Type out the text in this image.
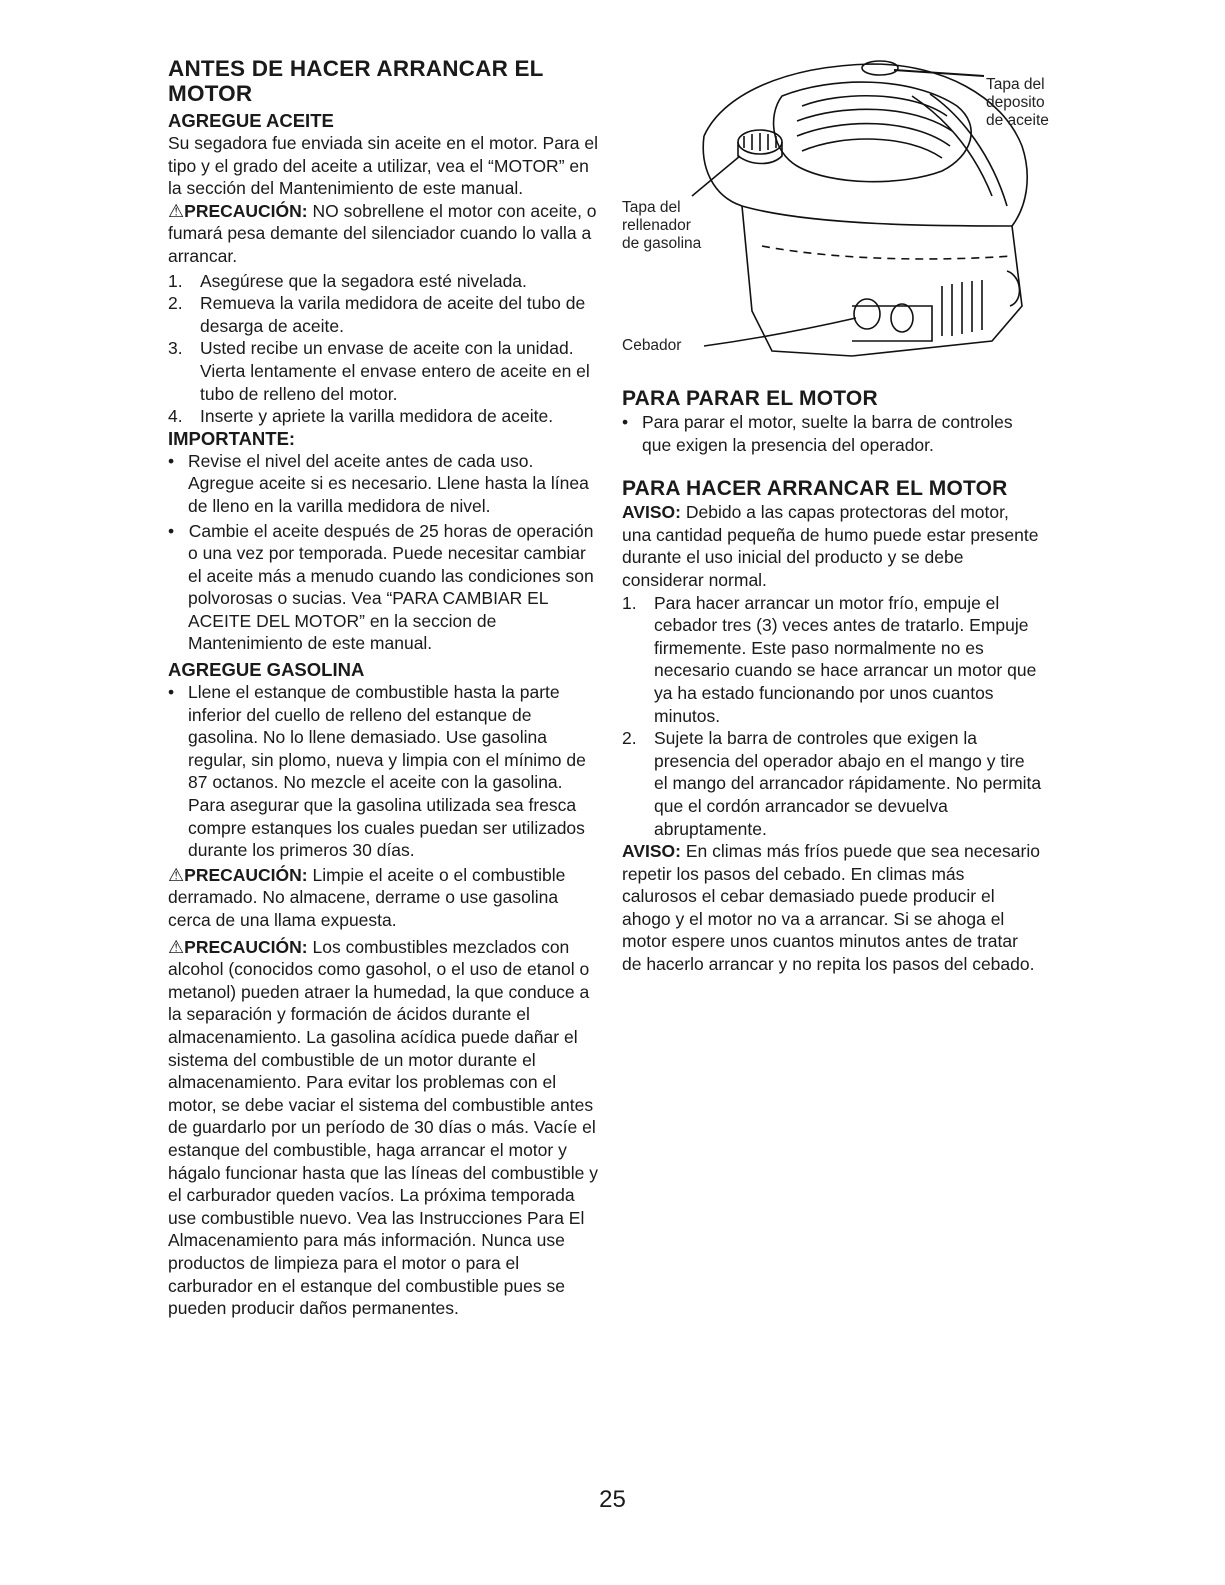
ANTES DE HACER ARRANCAR EL
MOTOR
AGREGUE ACEITE

Su segadora fue enviada sin aceite en el motor. Para el tipo y el grado del aceite a utilizar, vea el “MOTOR” en la sección del Mantenimiento de este manual.

⚠PRECAUCIÓN: NO sobrellene el motor con aceite, o fumará pesa demante del silenciador cuando lo valla a arrancar.

1. Asegúrese que la segadora esté nivelada.
2. Remueva la varila medidora de aceite del tubo de desarga de aceite.
3. Usted recibe un envase de aceite con la unidad. Vierta lentamente el envase entero de aceite en el tubo de relleno del motor.
4. Inserte y apriete la varilla medidora de aceite.
IMPORTANTE:
• Revise el nivel del aceite antes de cada uso. Agregue aceite si es necesario. Llene hasta la línea de lleno en la varilla medidora de nivel.

•   Cambie el aceite después de 25 horas de operación o una vez por temporada. Puede necesitar cambiar el aceite más a menudo cuando las condiciones son polvorosas o sucias. Vea “PARA CAMBIAR EL ACEITE DEL MOTOR” en la seccion de Mantenimiento de este manual.

AGREGUE GASOLINA
• Llene el estanque de combustible hasta la parte inferior del cuello de relleno del estanque de gasolina. No lo llene demasiado. Use gasolina regular, sin plomo, nueva y limpia con el mínimo de 87 octanos. No mezcle el aceite con la gasolina. Para asegurar que la gasolina utilizada sea fresca compre estanques los cuales puedan ser utilizados durante los primeros 30 días.

⚠PRECAUCIÓN: Limpie el aceite o el combustible derramado. No almacene, derrame o use gasolina cerca de una llama expuesta.

⚠PRECAUCIÓN: Los combustibles mezclados con alcohol (conocidos como gasohol, o el uso de etanol o metanol) pueden atraer la humedad, la que conduce a la separación y formación de ácidos durante el almacenamiento. La gasolina acídica puede dañar el sistema del combustible de un motor durante el almacenamiento. Para evitar los problemas con el motor, se debe vaciar el sistema del combustible antes de guardarlo por un período de 30 días o más. Vacíe el estanque del combustible, haga arrancar el motor y hágalo funcionar hasta que las líneas del combustible y el carburador queden vacíos. La próxima temporada use combustible nuevo. Vea las Instrucciones Para El Almacenamiento para más información. Nunca use productos de limpieza para el motor o para el carburador en el estanque del combustible pues se pueden producir daños permanentes.

Tapa del
deposito
de aceite
Tapa del
rellenador
de gasolina
Cebador
PARA PARAR EL MOTOR
• Para parar el motor, suelte la barra de controles que exigen la presencia del operador.
PARA HACER ARRANCAR EL MOTOR

AVISO: Debido a las capas protectoras del motor, una cantidad pequeña de humo puede estar presente durante el uso inicial del producto y se debe considerar normal.

1. Para hacer arrancar un motor frío, empuje el cebador tres (3) veces antes de tratarlo. Empuje firmemente. Este paso normalmente no es necesario cuando se hace arrancar un motor que ya ha estado funcionando por unos cuantos minutos.
2. Sujete la barra de controles que exigen la presencia del operador abajo en el mango y tire el mango del arrancador rápidamente. No permita que el cordón arrancador se devuelva abruptamente.

AVISO: En climas más fríos puede que sea necesario repetir los pasos del cebado. En climas más calurosos el cebar demasiado puede producir el ahogo y el motor no va a arrancar. Si se ahoga el motor espere unos cuantos minutos antes de tratar de hacerlo arrancar y no repita los pasos del cebado.

25
